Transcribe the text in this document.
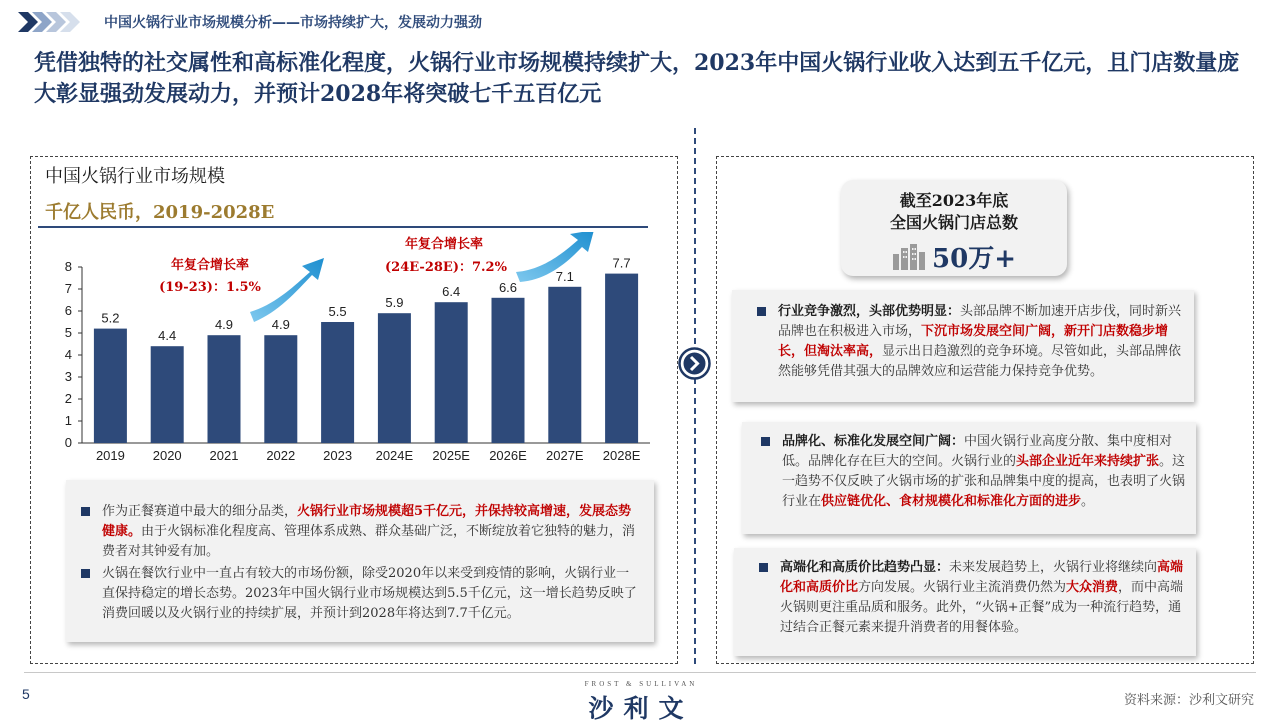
中国火锅行业市场规模分析——市场持续扩大，发展动力强劲
凭借独特的社交属性和高标准化程度，火锅行业市场规模持续扩大，2023年中国火锅行业收入达到五千亿元，且门店数量庞大彰显强劲发展动力，并预计2028年将突破七千五百亿元
火锅行业市场规模
中国火锅行业市场规模
千亿人民币，2019-2028E
0
1
2
3
4
5
6
7
8
5.2
2019
4.4
2020
4.9
2021
4.9
2022
5.5
2023
5.9
2024E
6.4
2025E
6.6
2026E
7.1
2027E
7.7
2028E
年复合增长率
(19-23)：1.5%
年复合增长率
(24E-28E)：7.2%
作为正餐赛道中最大的细分品类，火锅行业市场规模超5千亿元，并保持较高增速，发展态势健康。由于火锅标准化程度高、管理体系成熟、群众基础广泛，不断绽放着它独特的魅力，消费者对其钟爱有加。
火锅在餐饮行业中一直占有较大的市场份额，除受2020年以来受到疫情的影响，火锅行业一直保持稳定的增长态势。2023年中国火锅行业市场规模达到5.5千亿元，这一增长趋势反映了消费回暖以及火锅行业的持续扩展，并预计到2028年将达到7.7千亿元。
火锅行业特征
截至2023年底
全国火锅门店总数
50万+
行业竞争激烈，头部优势明显：头部品牌不断加速开店步伐，同时新兴品牌也在积极进入市场，下沉市场发展空间广阔，新开门店数稳步增长，但淘汰率高，显示出日趋激烈的竞争环境。尽管如此，头部品牌依然能够凭借其强大的品牌效应和运营能力保持竞争优势。
品牌化、标准化发展空间广阔：中国火锅行业高度分散、集中度相对低。品牌化存在巨大的空间。火锅行业的头部企业近年来持续扩张。这一趋势不仅反映了火锅市场的扩张和品牌集中度的提高，也表明了火锅行业在供应链优化、食材规模化和标准化方面的进步。
高端化和高质价比趋势凸显：未来发展趋势上，火锅行业将继续向高端化和高质价比方向发展。火锅行业主流消费仍然为大众消费，而中高端火锅则更注重品质和服务。此外，“火锅+正餐”成为一种流行趋势，通过结合正餐元素来提升消费者的用餐体验。
5
FROST & SULLIVAN
沙利文	资料来源：沙利文研究
